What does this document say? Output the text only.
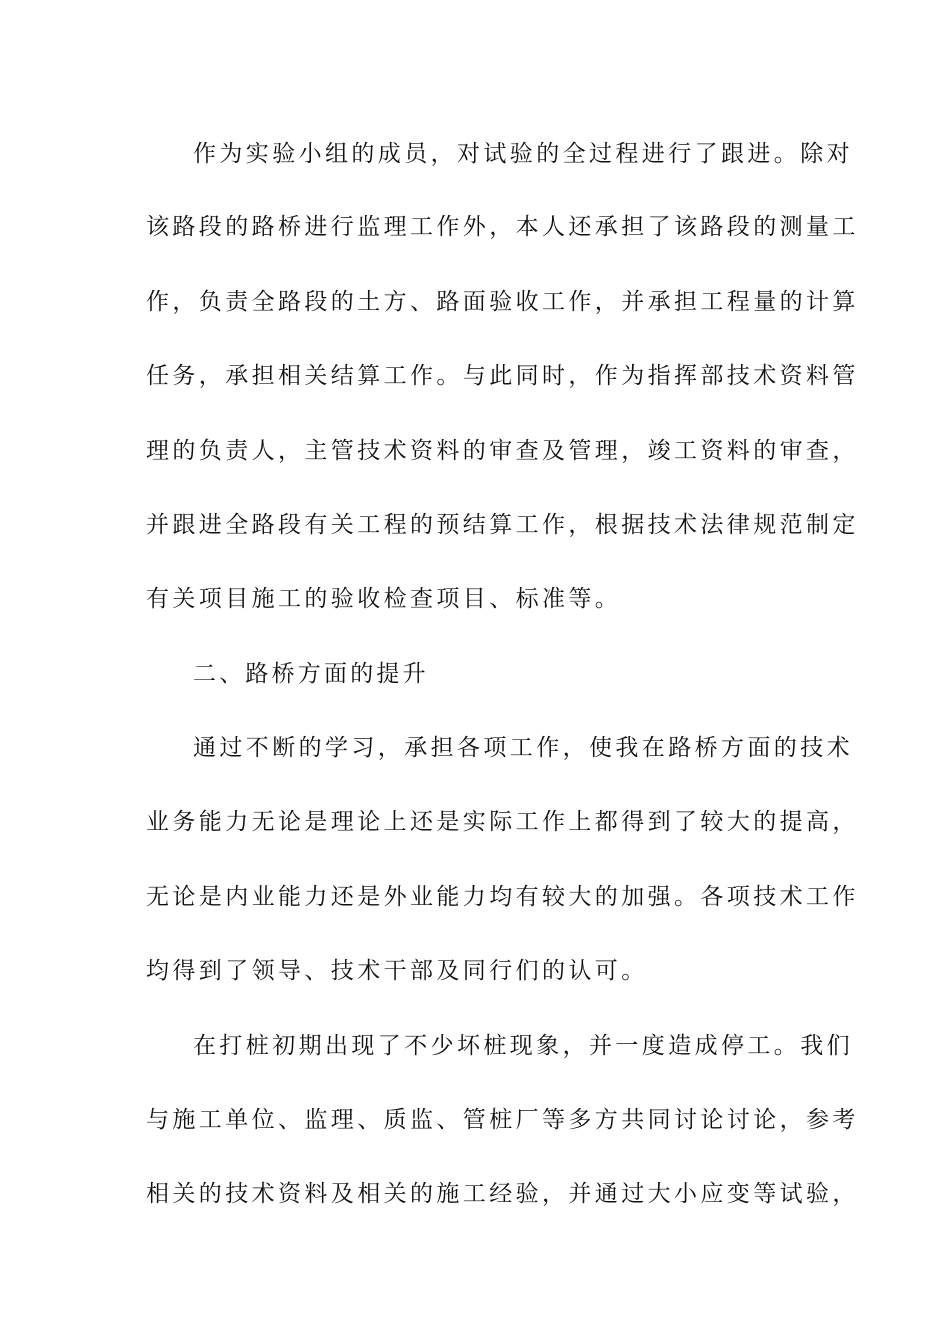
作为实验小组的成员，对试验的全过程进行了跟进。除对
该路段的路桥进行监理工作外，本人还承担了该路段的测量工
作，负责全路段的土方、路面验收工作，并承担工程量的计算
任务，承担相关结算工作。与此同时，作为指挥部技术资料管
理的负责人，主管技术资料的审查及管理，竣工资料的审查，
并跟进全路段有关工程的预结算工作，根据技术法律规范制定
有关项目施工的验收检查项目、标准等。
二、路桥方面的提升
通过不断的学习，承担各项工作，使我在路桥方面的技术
业务能力无论是理论上还是实际工作上都得到了较大的提高，
无论是内业能力还是外业能力均有较大的加强。各项技术工作
均得到了领导、技术干部及同行们的认可。
在打桩初期出现了不少坏桩现象，并一度造成停工。我们
与施工单位、监理、质监、管桩厂等多方共同讨论讨论，参考
相关的技术资料及相关的施工经验，并通过大小应变等试验，
